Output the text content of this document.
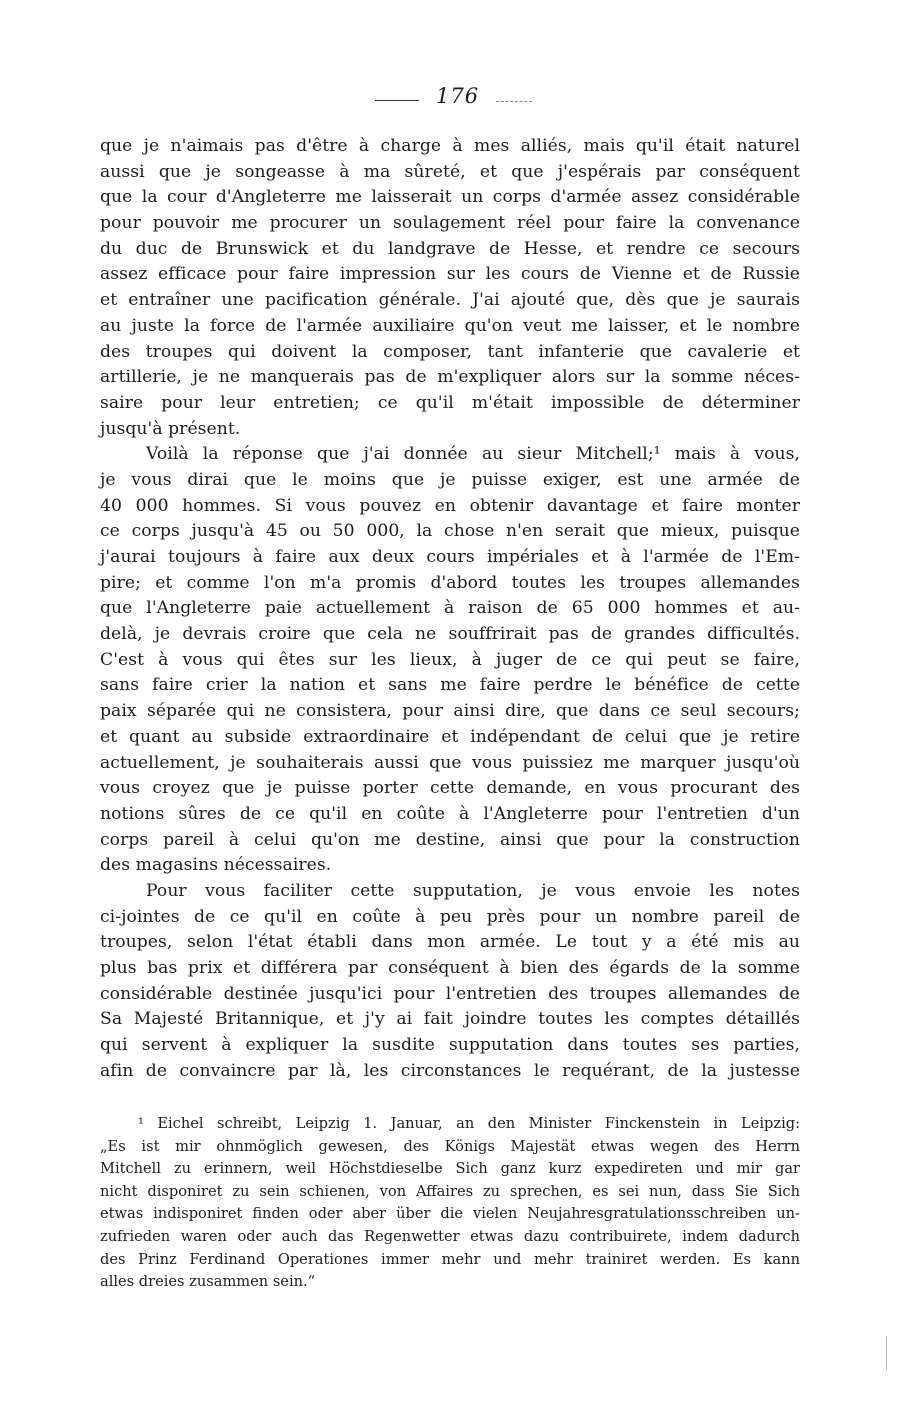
176
que je n'aimais pas d'être à charge à mes alliés, mais qu'il était naturel
aussi que je songeasse à ma sûreté, et que j'espérais par conséquent
que la cour d'Angleterre me laisserait un corps d'armée assez considérable
pour pouvoir me procurer un soulagement réel pour faire la convenance
du duc de Brunswick et du landgrave de Hesse, et rendre ce secours
assez efficace pour faire impression sur les cours de Vienne et de Russie
et entraîner une pacification générale. J'ai ajouté que, dès que je saurais
au juste la force de l'armée auxiliaire qu'on veut me laisser, et le nombre
des troupes qui doivent la composer, tant infanterie que cavalerie et
artillerie, je ne manquerais pas de m'expliquer alors sur la somme néces-
saire pour leur entretien; ce qu'il m'était impossible de déterminer
jusqu'à présent.
Voilà la réponse que j'ai donnée au sieur Mitchell;¹ mais à vous,
je vous dirai que le moins que je puisse exiger, est une armée de
40 000 hommes. Si vous pouvez en obtenir davantage et faire monter
ce corps jusqu'à 45 ou 50 000, la chose n'en serait que mieux, puisque
j'aurai toujours à faire aux deux cours impériales et à l'armée de l'Em-
pire; et comme l'on m'a promis d'abord toutes les troupes allemandes
que l'Angleterre paie actuellement à raison de 65 000 hommes et au-
delà, je devrais croire que cela ne souffrirait pas de grandes difficultés.
C'est à vous qui êtes sur les lieux, à juger de ce qui peut se faire,
sans faire crier la nation et sans me faire perdre le bénéfice de cette
paix séparée qui ne consistera, pour ainsi dire, que dans ce seul secours;
et quant au subside extraordinaire et indépendant de celui que je retire
actuellement, je souhaiterais aussi que vous puissiez me marquer jusqu'où
vous croyez que je puisse porter cette demande, en vous procurant des
notions sûres de ce qu'il en coûte à l'Angleterre pour l'entretien d'un
corps pareil à celui qu'on me destine, ainsi que pour la construction
des magasins nécessaires.
Pour vous faciliter cette supputation, je vous envoie les notes
ci-jointes de ce qu'il en coûte à peu près pour un nombre pareil de
troupes, selon l'état établi dans mon armée. Le tout y a été mis au
plus bas prix et différera par conséquent à bien des égards de la somme
considérable destinée jusqu'ici pour l'entretien des troupes allemandes de
Sa Majesté Britannique, et j'y ai fait joindre toutes les comptes détaillés
qui servent à expliquer la susdite supputation dans toutes ses parties,
afin de convaincre par là, les circonstances le requérant, de la justesse
¹ Eichel schreibt, Leipzig 1. Januar, an den Minister Finckenstein in Leipzig:
„Es ist mir ohnmöglich gewesen, des Königs Majestät etwas wegen des Herrn
Mitchell zu erinnern, weil Höchstdieselbe Sich ganz kurz expedireten und mir gar
nicht disponiret zu sein schienen, von Affaires zu sprechen, es sei nun, dass Sie Sich
etwas indisponiret finden oder aber über die vielen Neujahresgratulationsschreiben un-
zufrieden waren oder auch das Regenwetter etwas dazu contribuirete, indem dadurch
des Prinz Ferdinand Operationes immer mehr und mehr trainiret werden. Es kann
alles dreies zusammen sein.“
